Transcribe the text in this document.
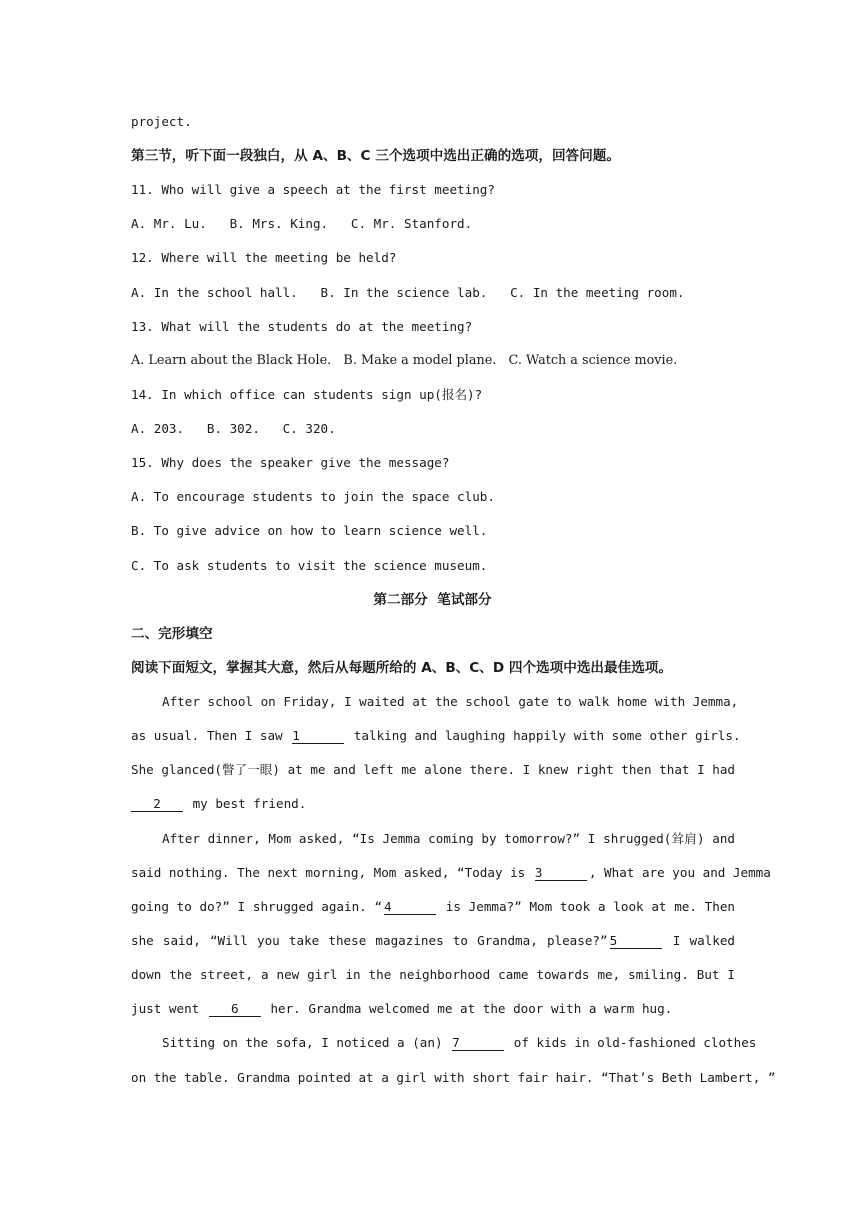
project.
第三节，听下面一段独白，从 A、B、C 三个选项中选出正确的选项，回答问题。
11. Who will give a speech at the first meeting?
A. Mr. Lu.   B. Mrs. King.   C. Mr. Stanford.
12. Where will the meeting be held?
A. In the school hall.   B. In the science lab.   C. In the meeting room.
13. What will the students do at the meeting?
A. Learn about the Black Hole.   B. Make a model plane.   C. Watch a science movie.
14. In which office can students sign up(报名)?
A. 203.   B. 302.   C. 320.
15. Why does the speaker give the message?
A. To encourage students to join the space club.
B. To give advice on how to learn science well.
C. To ask students to visit the science museum.
第二部分  笔试部分
二、完形填空
阅读下面短文，掌握其大意，然后从每题所给的 A、B、C、D 四个选项中选出最佳选项。
After school on Friday, I waited at the school gate to walk home with Jemma,
as usual. Then I saw 1	talking and laughing happily with some other girls.
She glanced(瞥了一眼) at me and left me alone there. I knew right then that I had
2	my best friend.
After dinner, Mom asked, “Is Jemma coming by tomorrow?” I shrugged(耸肩) and
said nothing. The next morning, Mom asked, “Today is 3	, What are you and Jemma
going to do?” I shrugged again. “ 4	is Jemma?” Mom took a look at me. Then
she said, “Will you take these magazines to Grandma, please?” 5	I walked
down the street, a new girl in the neighborhood came towards me, smiling. But I
just went	6	her. Grandma welcomed me at the door with a warm hug.
Sitting on the sofa, I noticed a (an) 7	of kids in old-fashioned clothes
on the table. Grandma pointed at a girl with short fair hair. “That’s Beth Lambert, ”
